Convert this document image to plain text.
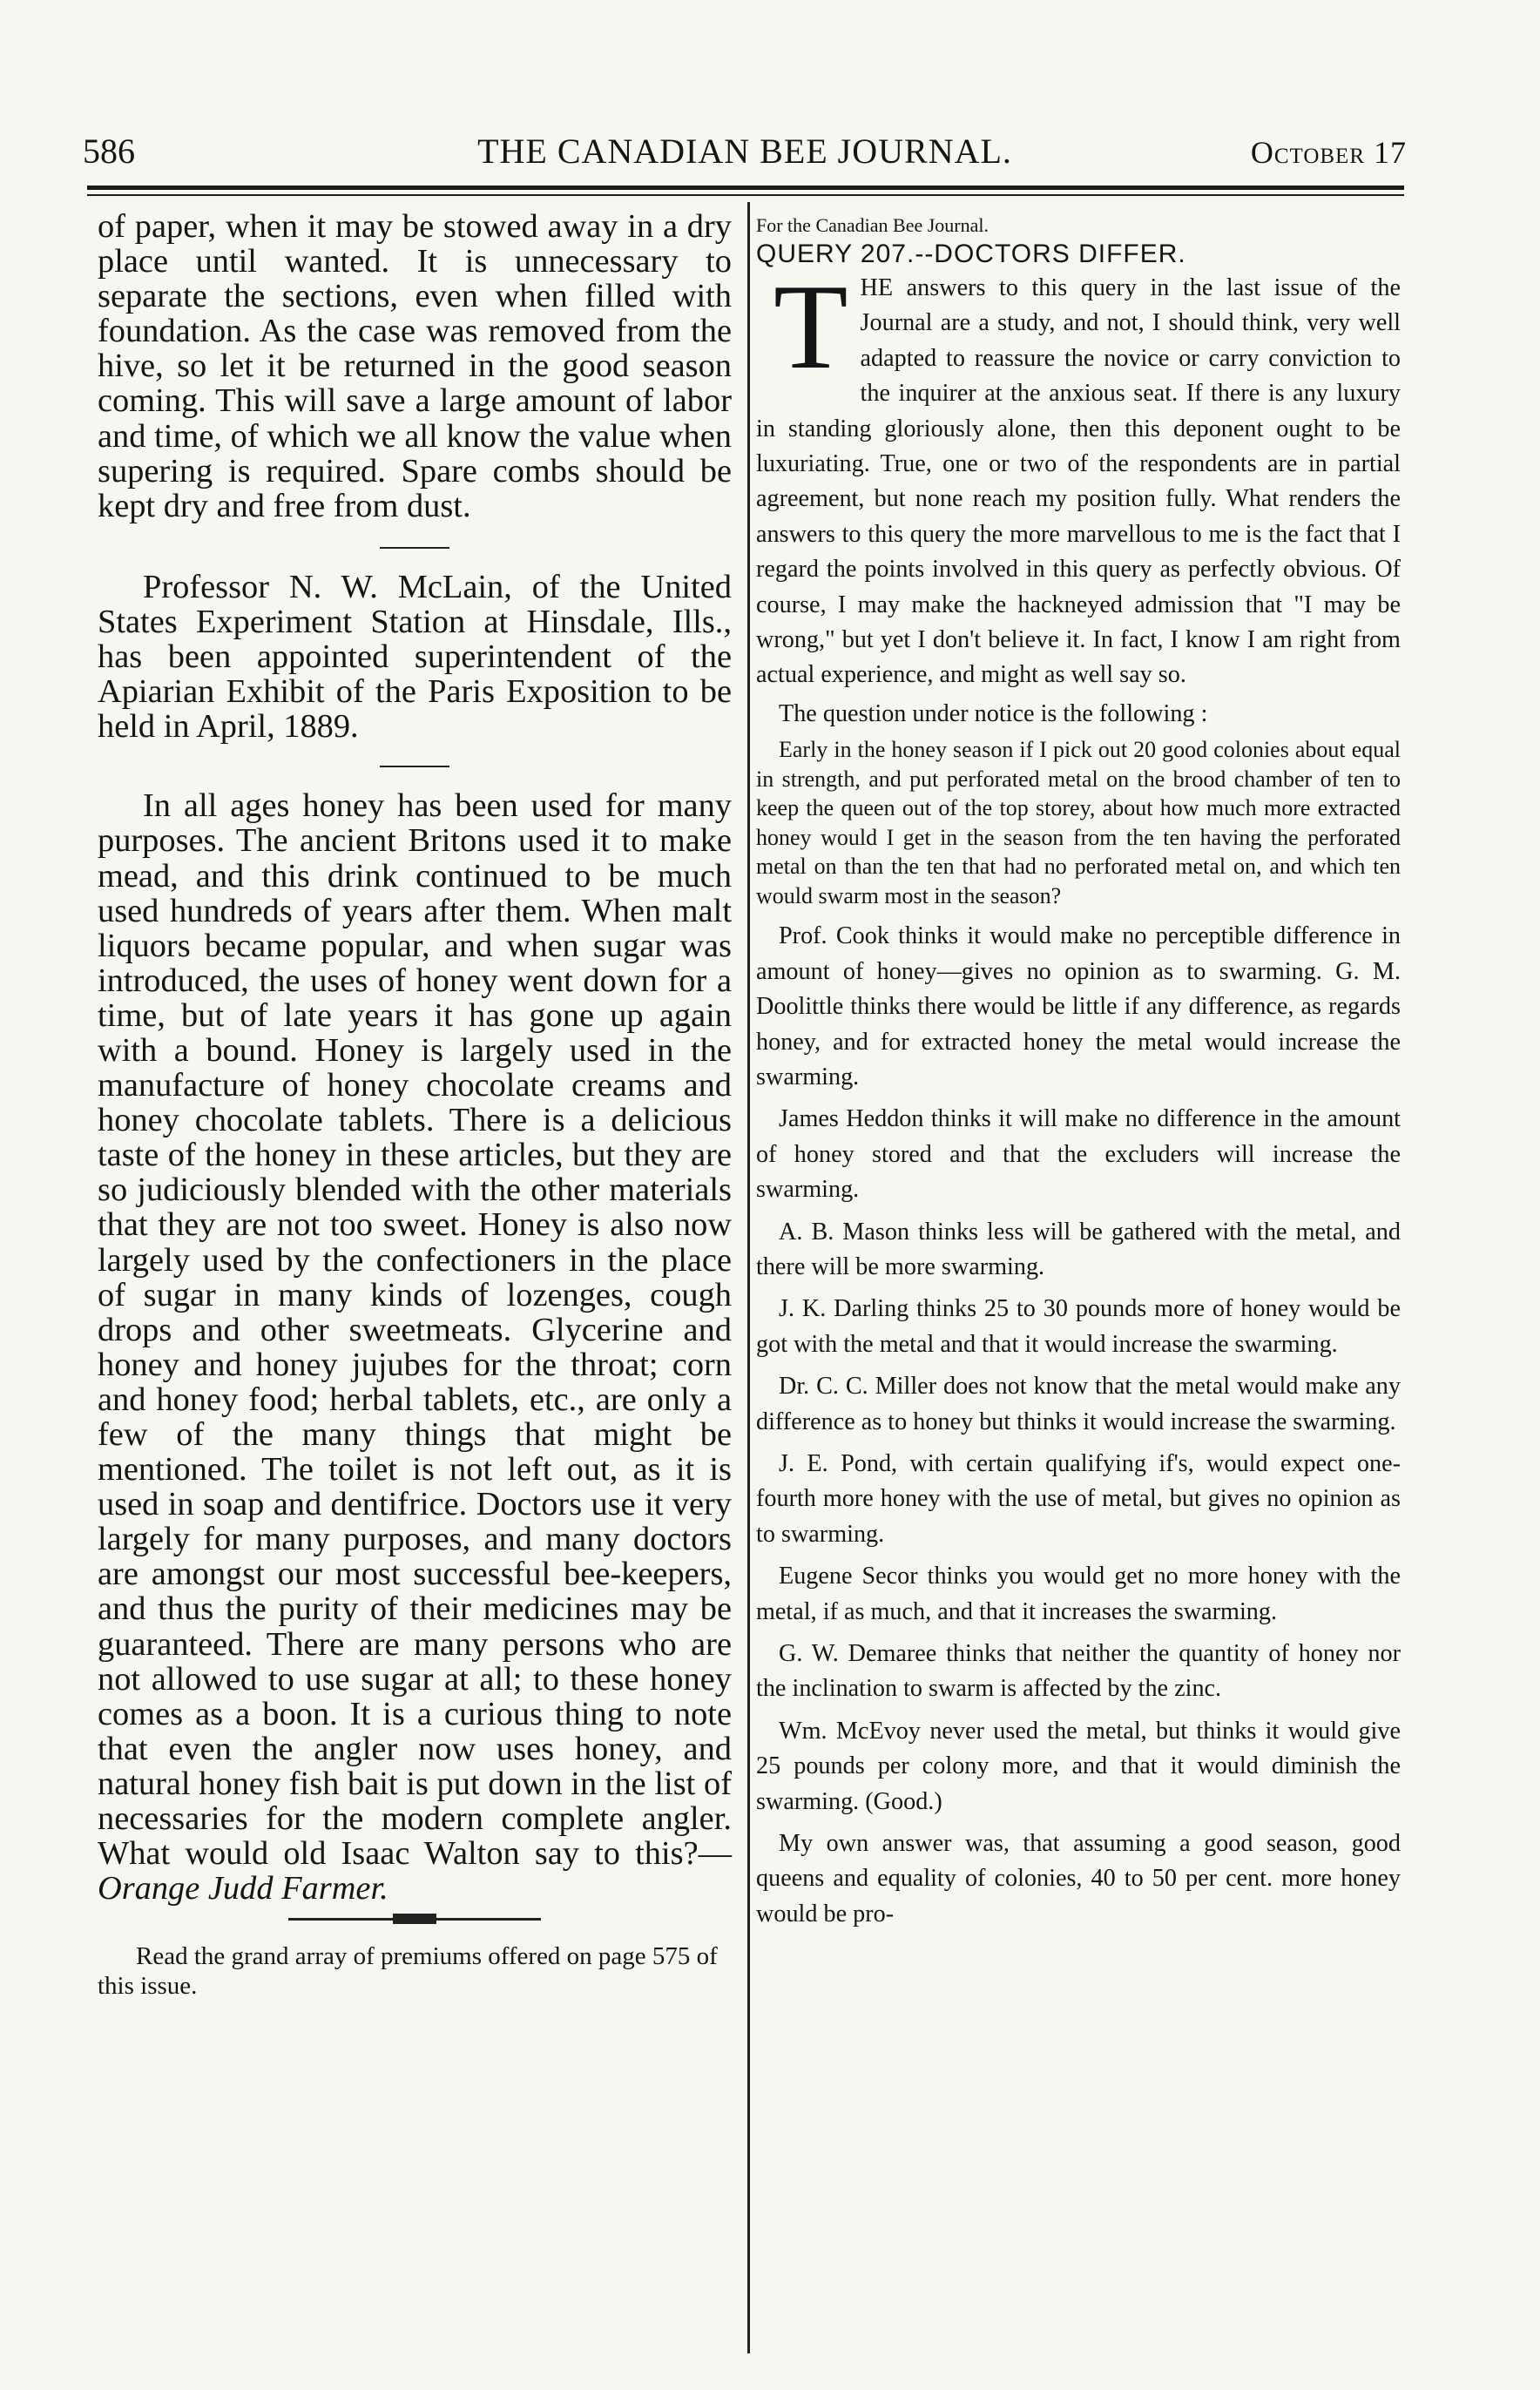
586	THE CANADIAN BEE JOURNAL.	October 17

of paper, when it may be stowed away in a dry place until wanted. It is unnecessary to separate the sections, even when filled with foundation. As the case was removed from the hive, so let it be returned in the good season coming. This will save a large amount of labor and time, of which we all know the value when supering is required. Spare combs should be kept dry and free from dust.

Professor N. W. McLain, of the United States Experiment Station at Hinsdale, Ills., has been appointed superintendent of the Apiarian Exhibit of the Paris Exposition to be held in April, 1889.

In all ages honey has been used for many purposes. The ancient Britons used it to make mead, and this drink continued to be much used hundreds of years after them. When malt liquors became popular, and when sugar was introduced, the uses of honey went down for a time, but of late years it has gone up again with a bound. Honey is largely used in the manufacture of honey chocolate creams and honey chocolate tablets. There is a delicious taste of the honey in these articles, but they are so judiciously blended with the other materials that they are not too sweet. Honey is also now largely used by the confectioners in the place of sugar in many kinds of lozenges, cough drops and other sweetmeats. Glycerine and honey and honey jujubes for the throat; corn and honey food; herbal tablets, etc., are only a few of the many things that might be mentioned. The toilet is not left out, as it is used in soap and dentifrice. Doctors use it very largely for many purposes, and many doctors are amongst our most successful bee-keepers, and thus the purity of their medicines may be guaranteed. There are many persons who are not allowed to use sugar at all; to these honey comes as a boon. It is a curious thing to note that even the angler now uses honey, and natural honey fish bait is put down in the list of necessaries for the modern complete angler. What would old Isaac Walton say to this?—Orange Judd Farmer.

Read the grand array of premiums offered on page 575 of this issue.

For the Canadian Bee Journal.

QUERY 207.--DOCTORS DIFFER.

THE answers to this query in the last issue of the Journal are a study, and not, I should think, very well adapted to reassure the novice or carry conviction to the inquirer at the anxious seat. If there is any luxury in standing gloriously alone, then this deponent ought to be luxuriating. True, one or two of the respondents are in partial agreement, but none reach my position fully. What renders the answers to this query the more marvellous to me is the fact that I regard the points involved in this query as perfectly obvious. Of course, I may make the hackneyed admission that "I may be wrong," but yet I don't believe it. In fact, I know I am right from actual experience, and might as well say so.

The question under notice is the following :

Early in the honey season if I pick out 20 good colonies about equal in strength, and put perforated metal on the brood chamber of ten to keep the queen out of the top storey, about how much more extracted honey would I get in the season from the ten having the perforated metal on than the ten that had no perforated metal on, and which ten would swarm most in the season?

Prof. Cook thinks it would make no perceptible difference in amount of honey—gives no opinion as to swarming. G. M. Doolittle thinks there would be little if any difference, as regards honey, and for extracted honey the metal would increase the swarming.

James Heddon thinks it will make no difference in the amount of honey stored and that the excluders will increase the swarming.

A. B. Mason thinks less will be gathered with the metal, and there will be more swarming.

J. K. Darling thinks 25 to 30 pounds more of honey would be got with the metal and that it would increase the swarming.

Dr. C. C. Miller does not know that the metal would make any difference as to honey but thinks it would increase the swarming.

J. E. Pond, with certain qualifying if's, would expect one-fourth more honey with the use of metal, but gives no opinion as to swarming.

Eugene Secor thinks you would get no more honey with the metal, if as much, and that it increases the swarming.

G. W. Demaree thinks that neither the quantity of honey nor the inclination to swarm is affected by the zinc.

Wm. McEvoy never used the metal, but thinks it would give 25 pounds per colony more, and that it would diminish the swarming. (Good.)

My own answer was, that assuming a good season, good queens and equality of colonies, 40 to 50 per cent. more honey would be pro-
